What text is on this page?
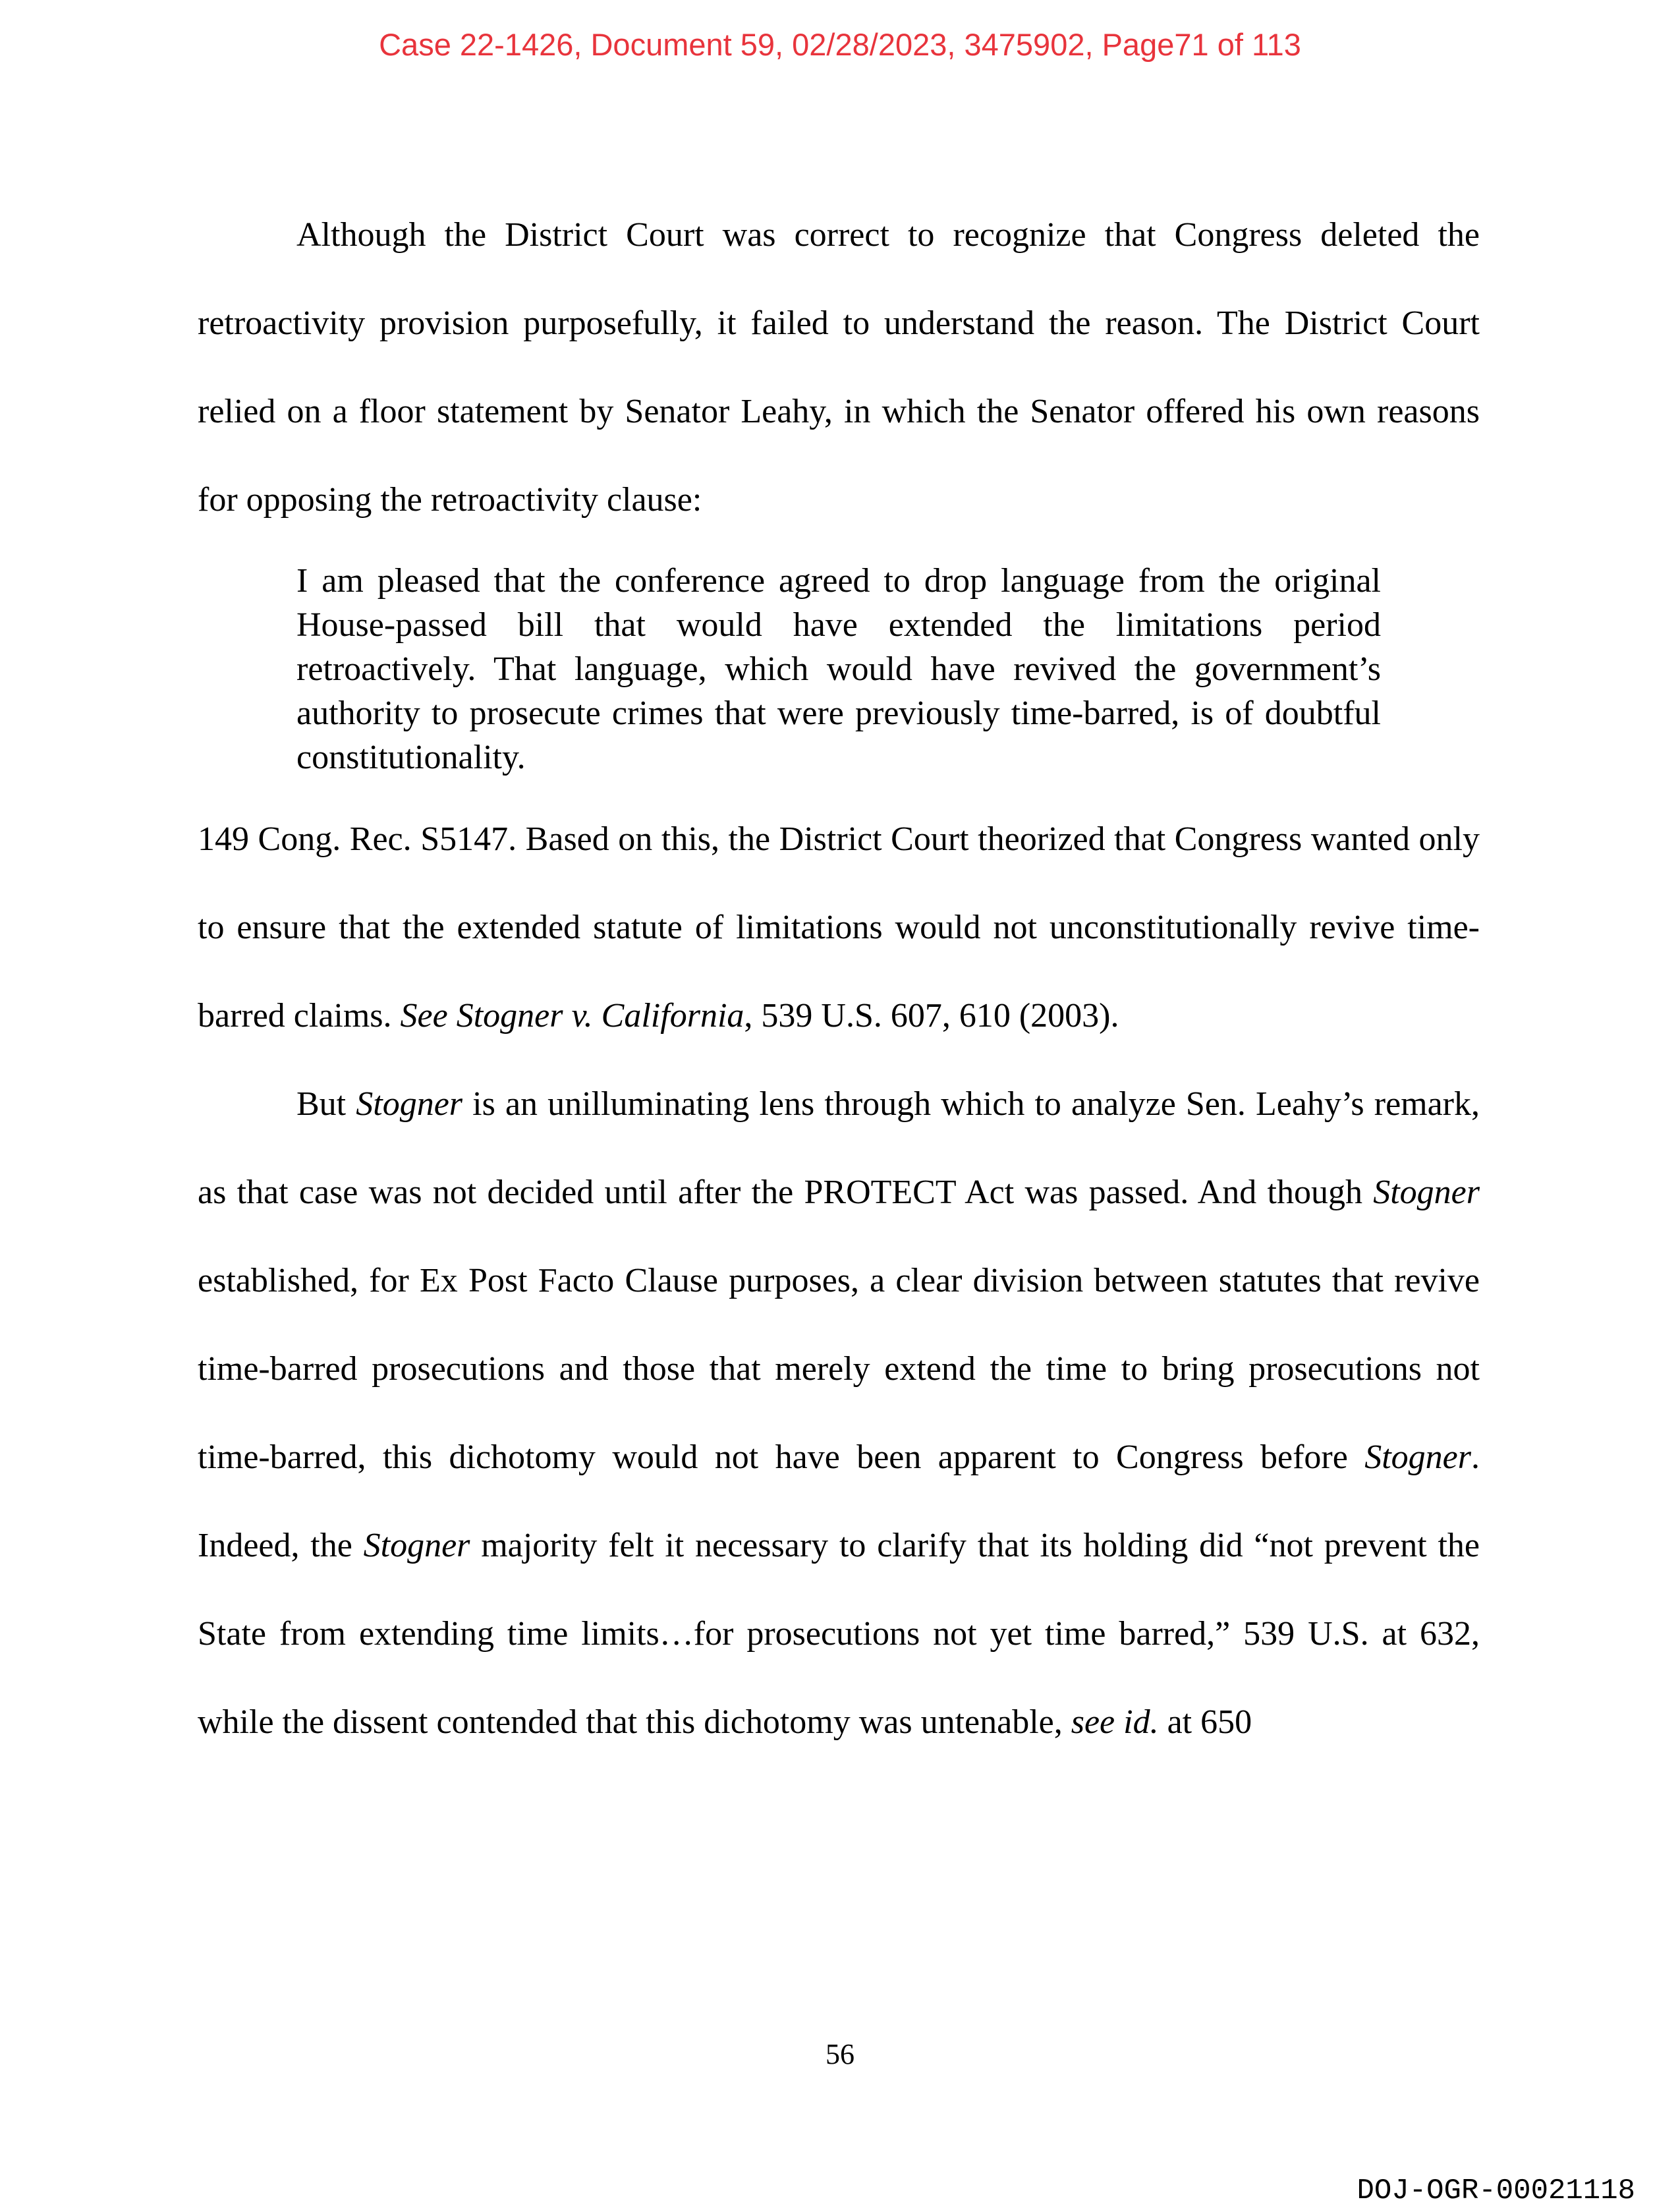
Case 22-1426, Document 59, 02/28/2023, 3475902, Page71 of 113

Although the District Court was correct to recognize that Congress deleted the retroactivity provision purposefully, it failed to understand the reason. The District Court relied on a floor statement by Senator Leahy, in which the Senator offered his own reasons for opposing the retroactivity clause:

I am pleased that the conference agreed to drop language from the original House-passed bill that would have extended the limitations period retroactively. That language, which would have revived the government’s authority to prosecute crimes that were previously time-barred, is of doubtful constitutionality.

149 Cong. Rec. S5147. Based on this, the District Court theorized that Congress wanted only to ensure that the extended statute of limitations would not unconstitutionally revive time-barred claims. See Stogner v. California, 539 U.S. 607, 610 (2003).

But Stogner is an unilluminating lens through which to analyze Sen. Leahy’s remark, as that case was not decided until after the PROTECT Act was passed. And though Stogner established, for Ex Post Facto Clause purposes, a clear division between statutes that revive time-barred prosecutions and those that merely extend the time to bring prosecutions not time-barred, this dichotomy would not have been apparent to Congress before Stogner. Indeed, the Stogner majority felt it necessary to clarify that its holding did “not prevent the State from extending time limits…for prosecutions not yet time barred,” 539 U.S. at 632, while the dissent contended that this dichotomy was untenable, see id. at 650

56
DOJ-OGR-00021118
